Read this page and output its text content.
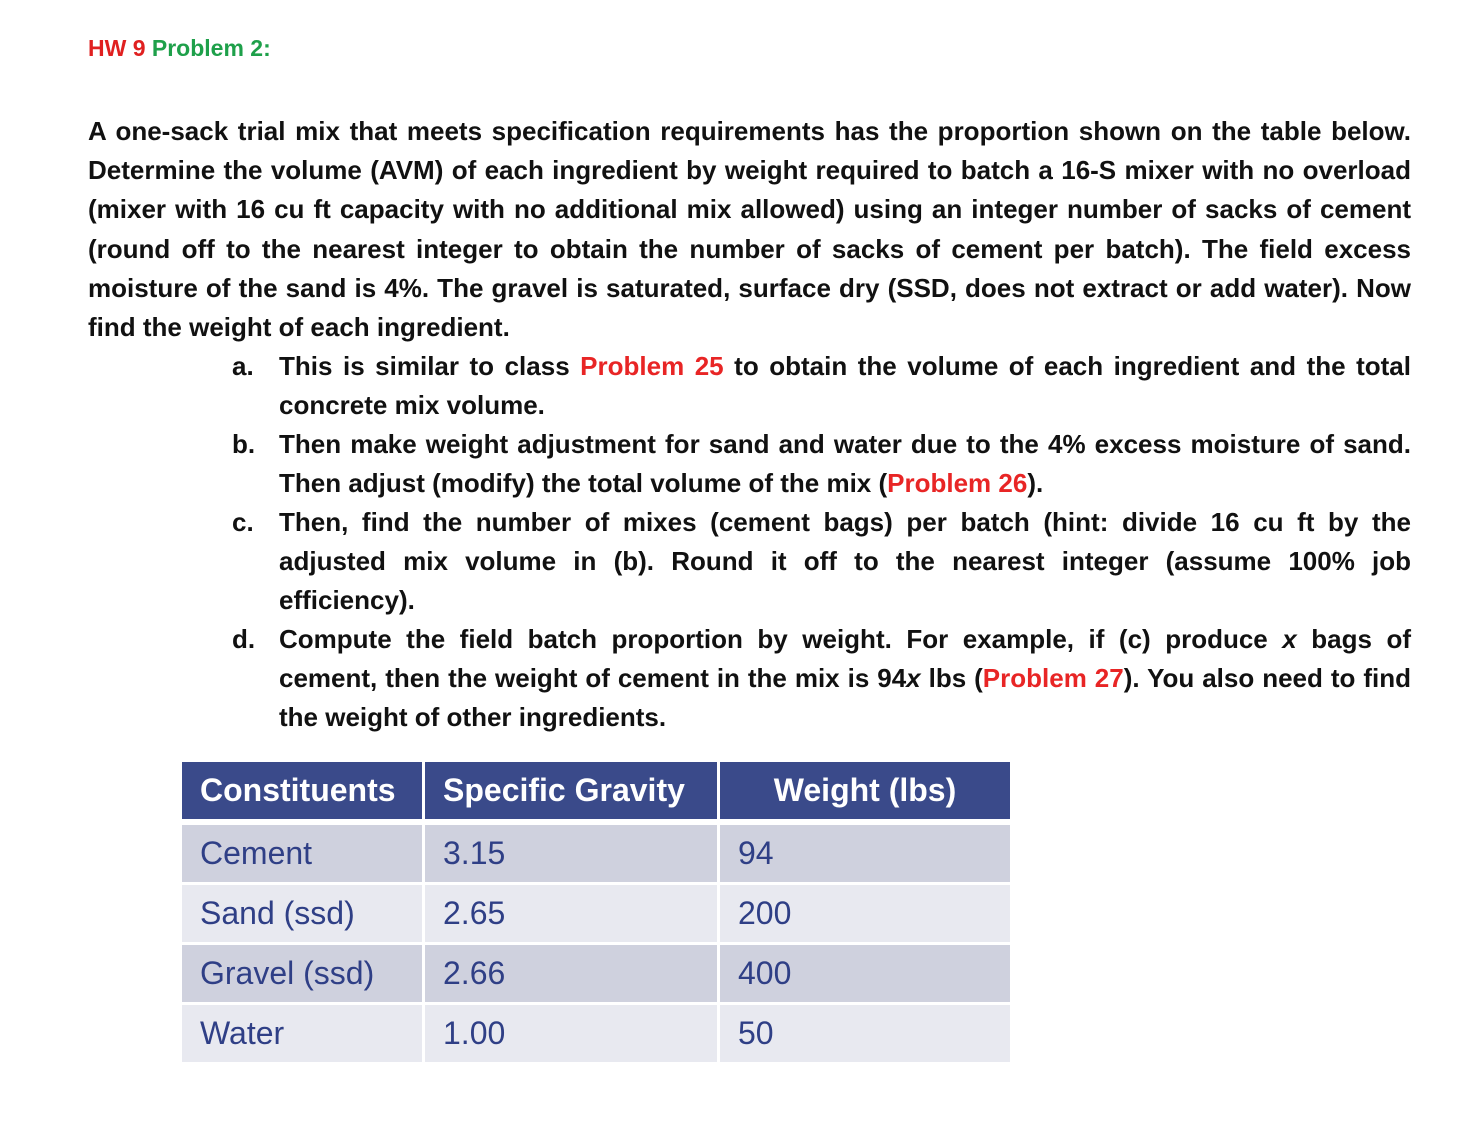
HW 9 Problem 2:

A one-sack trial mix that meets specification requirements has the proportion shown on the table below. Determine the volume (AVM) of each ingredient by weight required to batch a 16-S mixer with no overload (mixer with 16 cu ft capacity with no additional mix allowed) using an integer number of sacks of cement (round off to the nearest integer to obtain the number of sacks of cement per batch). The field excess moisture of the sand is 4%. The gravel is saturated, surface dry (SSD, does not extract or add water). Now find the weight of each ingredient.

a. This is similar to class Problem 25 to obtain the volume of each ingredient and the total concrete mix volume.
b. Then make weight adjustment for sand and water due to the 4% excess moisture of sand. Then adjust (modify) the total volume of the mix (Problem 26).
c. Then, find the number of mixes (cement bags) per batch (hint: divide 16 cu ft by the adjusted mix volume in (b). Round it off to the nearest integer (assume 100% job efficiency).
d. Compute the field batch proportion by weight. For example, if (c) produce x bags of cement, then the weight of cement in the mix is 94x lbs (Problem 27). You also need to find the weight of other ingredients.
Constituents	Specific Gravity	Weight (lbs)
Cement	3.15	94
Sand (ssd)	2.65	200
Gravel (ssd)	2.66	400
Water	1.00	50
